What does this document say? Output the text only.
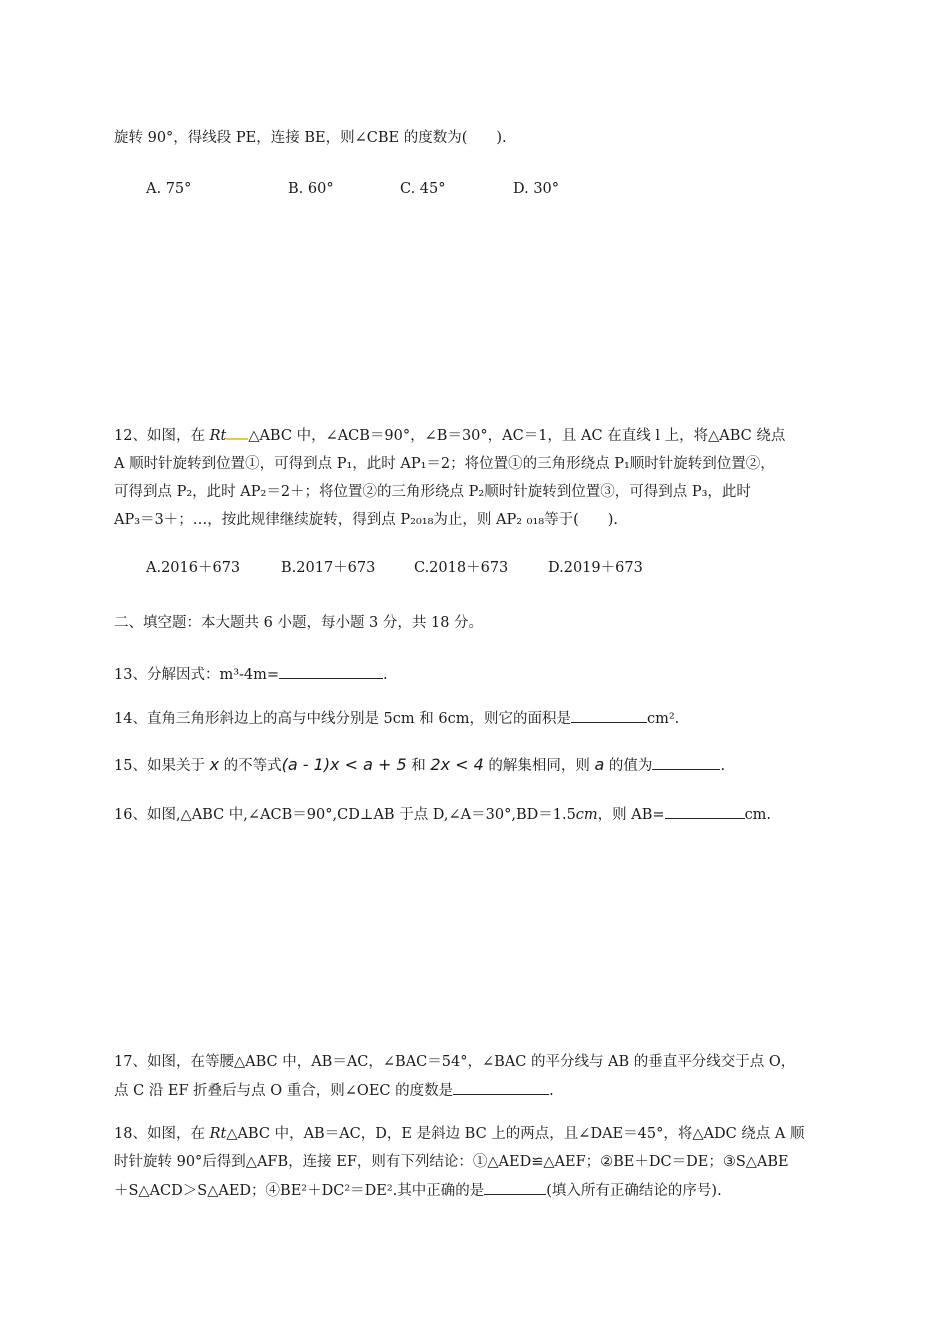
旋转 90°，得线段 PE，连接 BE，则∠CBE 的度数为(　　).
A. 75°	B. 60°	C. 45°	D. 30°
12、如图，在 Rt △ABC 中，∠ACB＝90°，∠B＝30°，AC＝1，且 AC 在直线 l 上，将△ABC 绕点
A 顺时针旋转到位置①，可得到点 P₁，此时 AP₁＝2；将位置①的三角形绕点 P₁顺时针旋转到位置②，
可得到点 P₂，此时 AP₂＝2＋；将位置②的三角形绕点 P₂顺时针旋转到位置③，可得到点 P₃，此时
AP₃＝3＋；…，按此规律继续旋转，得到点 P₂₀₁₈为止，则 AP₂ ₀₁₈等于(　　).
A.2016＋673	B.2017＋673	C.2018＋673	D.2019＋673
二、填空题：本大题共 6 小题，每小题 3 分，共 18 分。
13、分解因式：m³-4m=	.
14、直角三角形斜边上的高与中线分别是 5cm 和 6cm，则它的面积是	cm².
15、如果关于 x 的不等式(a - 1)x < a + 5 和 2x < 4 的解集相同，则 a 的值为	.
16、如图,△ABC 中,∠ACB＝90°,CD⊥AB 于点 D,∠A＝30°,BD＝1.5cm，则 AB=	cm.
17、如图，在等腰△ABC 中，AB＝AC，∠BAC＝54°，∠BAC 的平分线与 AB 的垂直平分线交于点 O，
点 C 沿 EF 折叠后与点 O 重合，则∠OEC 的度数是	.
18、如图，在 Rt△ABC 中，AB＝AC，D，E 是斜边 BC 上的两点，且∠DAE＝45°，将△ADC 绕点 A 顺
时针旋转 90°后得到△AFB，连接 EF，则有下列结论：①△AED≌△AEF；②BE＋DC＝DE；③S△ABE
＋S△ACD＞S△AED；④BE²＋DC²＝DE².其中正确的是	(填入所有正确结论的序号).
